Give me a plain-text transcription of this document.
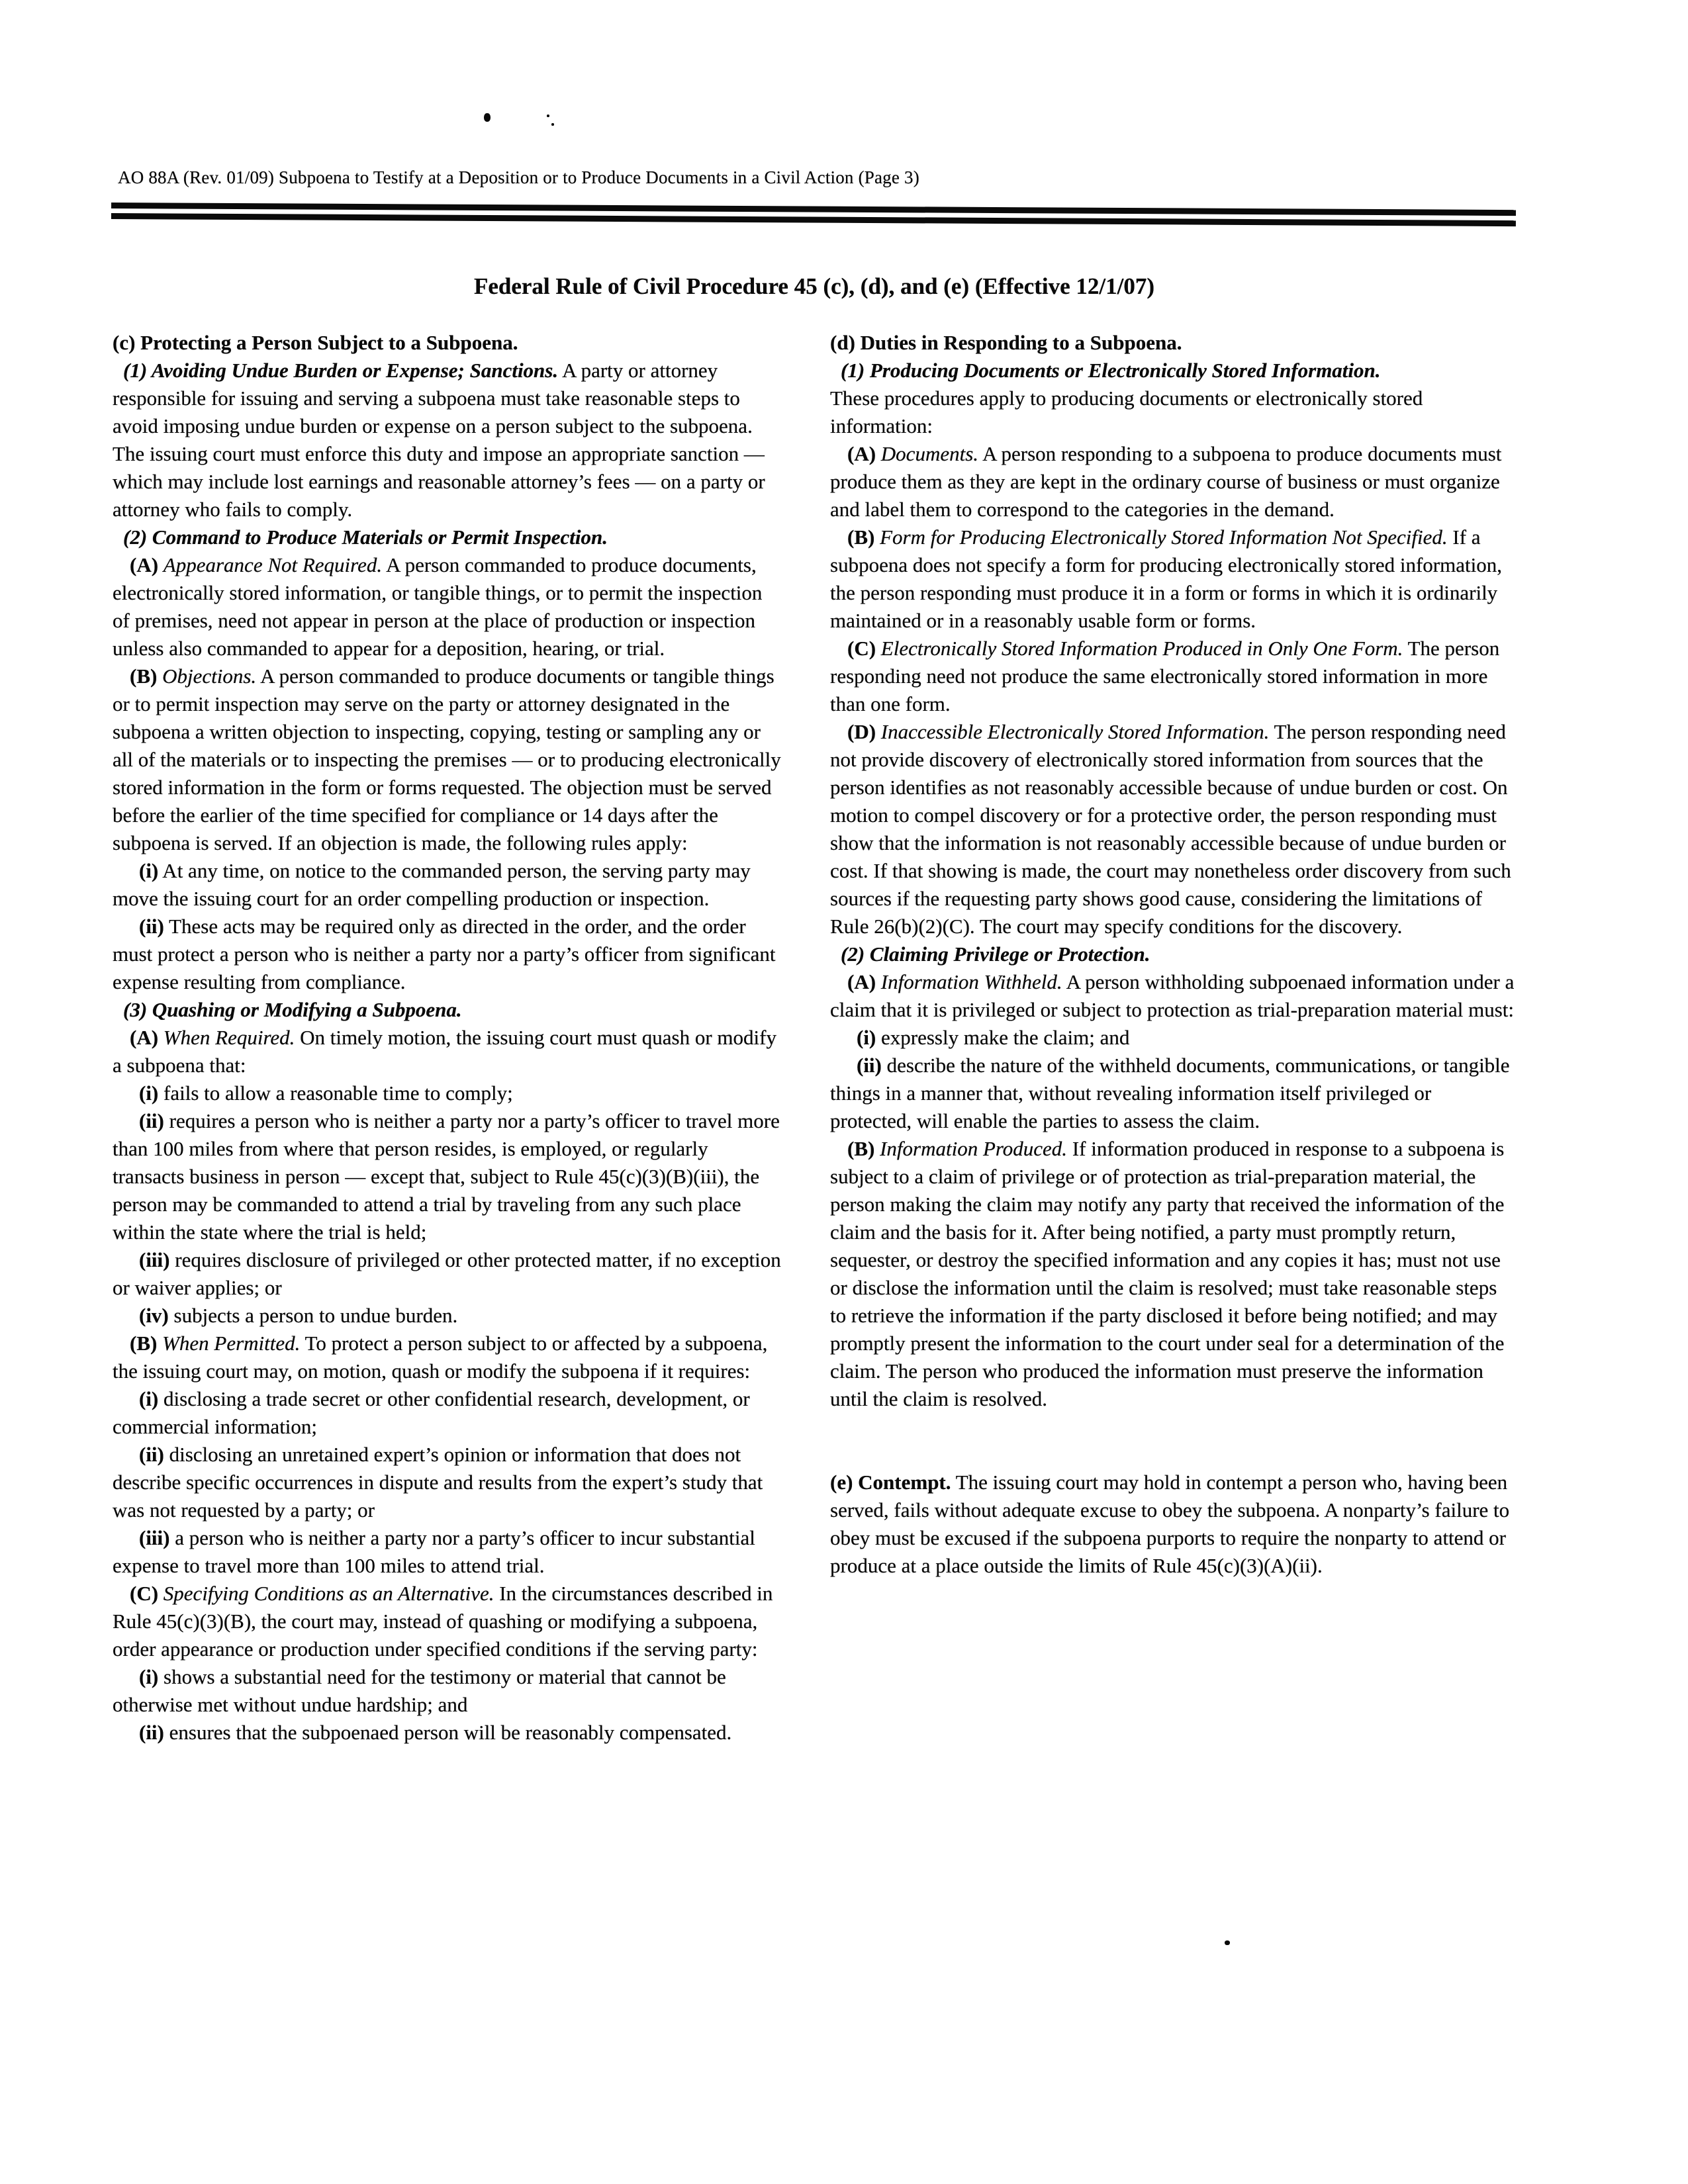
AO 88A (Rev. 01/09) Subpoena to Testify at a Deposition or to Produce Documents in a Civil Action (Page 3)
Federal Rule of Civil Procedure 45 (c), (d), and (e) (Effective 12/1/07)

(c) Protecting a Person Subject to a Subpoena.

(1) Avoiding Undue Burden or Expense; Sanctions. A party or attorney responsible for issuing and serving a subpoena must take reasonable steps to avoid imposing undue burden or expense on a person subject to the subpoena. The issuing court must enforce this duty and impose an appropriate sanction — which may include lost earnings and reasonable attorney’s fees — on a party or attorney who fails to comply.

(2) Command to Produce Materials or Permit Inspection.

(A) Appearance Not Required. A person commanded to produce documents, electronically stored information, or tangible things, or to permit the inspection of premises, need not appear in person at the place of production or inspection unless also commanded to appear for a deposition, hearing, or trial.

(B) Objections. A person commanded to produce documents or tangible things or to permit inspection may serve on the party or attorney designated in the subpoena a written objection to inspecting, copying, testing or sampling any or all of the materials or to inspecting the premises — or to producing electronically stored information in the form or forms requested. The objection must be served before the earlier of the time specified for compliance or 14 days after the subpoena is served. If an objection is made, the following rules apply:

(i) At any time, on notice to the commanded person, the serving party may move the issuing court for an order compelling production or inspection.

(ii) These acts may be required only as directed in the order, and the order must protect a person who is neither a party nor a party’s officer from significant expense resulting from compliance.

(3) Quashing or Modifying a Subpoena.

(A) When Required. On timely motion, the issuing court must quash or modify a subpoena that:

(i) fails to allow a reasonable time to comply;

(ii) requires a person who is neither a party nor a party’s officer to travel more than 100 miles from where that person resides, is employed, or regularly transacts business in person — except that, subject to Rule 45(c)(3)(B)(iii), the person may be commanded to attend a trial by traveling from any such place within the state where the trial is held;

(iii) requires disclosure of privileged or other protected matter, if no exception or waiver applies; or

(iv) subjects a person to undue burden.

(B) When Permitted. To protect a person subject to or affected by a subpoena, the issuing court may, on motion, quash or modify the subpoena if it requires:

(i) disclosing a trade secret or other confidential research, development, or commercial information;

(ii) disclosing an unretained expert’s opinion or information that does not describe specific occurrences in dispute and results from the expert’s study that was not requested by a party; or

(iii) a person who is neither a party nor a party’s officer to incur substantial expense to travel more than 100 miles to attend trial.

(C) Specifying Conditions as an Alternative. In the circumstances described in Rule 45(c)(3)(B), the court may, instead of quashing or modifying a subpoena, order appearance or production under specified conditions if the serving party:

(i) shows a substantial need for the testimony or material that cannot be otherwise met without undue hardship; and

(ii) ensures that the subpoenaed person will be reasonably compensated.

(d) Duties in Responding to a Subpoena.

(1) Producing Documents or Electronically Stored Information.

These procedures apply to producing documents or electronically stored information:

(A) Documents. A person responding to a subpoena to produce documents must produce them as they are kept in the ordinary course of business or must organize and label them to correspond to the categories in the demand.

(B) Form for Producing Electronically Stored Information Not Specified. If a subpoena does not specify a form for producing electronically stored information, the person responding must produce it in a form or forms in which it is ordinarily maintained or in a reasonably usable form or forms.

(C) Electronically Stored Information Produced in Only One Form. The person responding need not produce the same electronically stored information in more than one form.

(D) Inaccessible Electronically Stored Information. The person responding need not provide discovery of electronically stored information from sources that the person identifies as not reasonably accessible because of undue burden or cost. On motion to compel discovery or for a protective order, the person responding must show that the information is not reasonably accessible because of undue burden or cost. If that showing is made, the court may nonetheless order discovery from such sources if the requesting party shows good cause, considering the limitations of Rule 26(b)(2)(C). The court may specify conditions for the discovery.

(2) Claiming Privilege or Protection.

(A) Information Withheld. A person withholding subpoenaed information under a claim that it is privileged or subject to protection as trial-preparation material must:

(i) expressly make the claim; and

(ii) describe the nature of the withheld documents, communications, or tangible things in a manner that, without revealing information itself privileged or protected, will enable the parties to assess the claim.

(B) Information Produced. If information produced in response to a subpoena is subject to a claim of privilege or of protection as trial-preparation material, the person making the claim may notify any party that received the information of the claim and the basis for it. After being notified, a party must promptly return, sequester, or destroy the specified information and any copies it has; must not use or disclose the information until the claim is resolved; must take reasonable steps to retrieve the information if the party disclosed it before being notified; and may promptly present the information to the court under seal for a determination of the claim. The person who produced the information must preserve the information until the claim is resolved.

(e) Contempt. The issuing court may hold in contempt a person who, having been served, fails without adequate excuse to obey the subpoena. A nonparty’s failure to obey must be excused if the subpoena purports to require the nonparty to attend or produce at a place outside the limits of Rule 45(c)(3)(A)(ii).
